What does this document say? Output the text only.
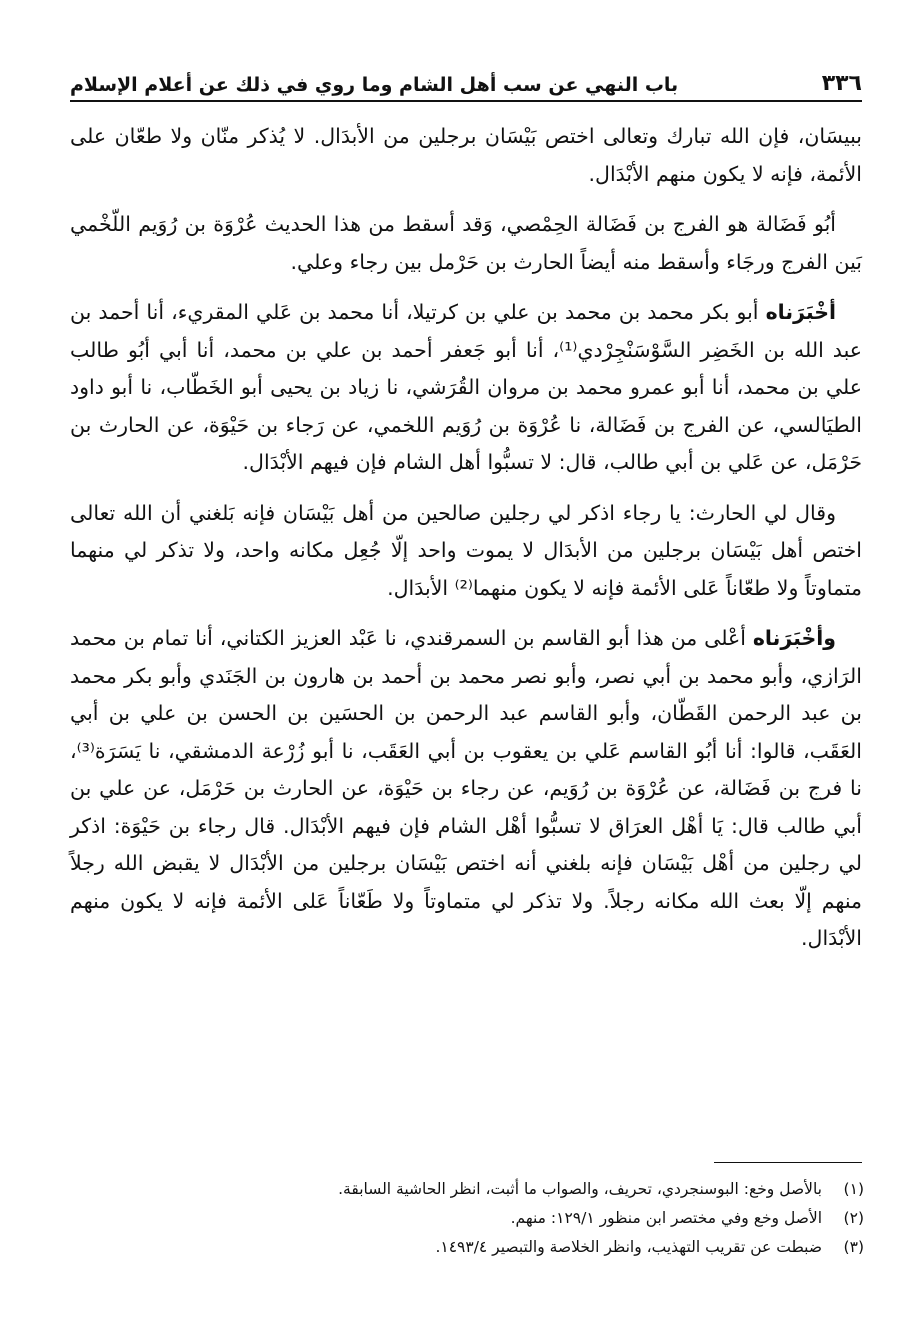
٣٣٦
باب النهي عن سب أهل الشام وما روي في ذلك عن أعلام الإسلام

ببيسَان، فإن الله تبارك وتعالى اختص بَيْسَان برجلين من الأبدَال. لا يُذكر منّان ولا طعّان على الأئمة، فإنه لا يكون منهم الأبْدَال.

أبُو فَضَالة هو الفرج بن فَضَالة الحِمْصي، وَقد أسقط من هذا الحديث عُرْوَة بن رُوَيم اللّخْمي بَين الفرج ورجَاء وأسقط منه أيضاً الحارث بن حَرْمل بين رجاء وعلي.

أخْبَرَناه أبو بكر محمد بن محمد بن علي بن كرتيلا، أنا محمد بن عَلي المقريء، أنا أحمد بن عبد الله بن الخَضِر السَّوْسَنْجِرْدي⁽¹⁾، أنا أبو جَعفر أحمد بن علي بن محمد، أنا أبي أبُو طالب علي بن محمد، أنا أبو عمرو محمد بن مروان القُرَشي، نا زياد بن يحيى أبو الخَطّاب، نا أبو داود الطيَالسي، عن الفرج بن فَضَالة، نا عُرْوَة بن رُوَيم اللخمي، عن رَجاء بن حَيْوَة، عن الحارث بن حَرْمَل، عن عَلي بن أبي طالب، قال: لا تسبُّوا أهل الشام فإن فيهم الأبْدَال.

وقال لي الحارث: يا رجاء اذكر لي رجلين صالحين من أهل بَيْسَان فإنه بَلغني أن الله تعالى اختص أهل بَيْسَان برجلين من الأبدَال لا يموت واحد إلّا جُعِل مكانه واحد، ولا تذكر لي منهما متماوتاً ولا طعّاناً عَلى الأئمة فإنه لا يكون منهما⁽²⁾ الأبدَال.

وأخْبَرَناه أعْلى من هذا أبو القاسم بن السمرقندي، نا عَبْد العزيز الكتاني، أنا تمام بن محمد الرَازي، وأبو محمد بن أبي نصر، وأبو نصر محمد بن أحمد بن هارون بن الجَنَدي وأبو بكر محمد بن عبد الرحمن القَطّان، وأبو القاسم عبد الرحمن بن الحسَين بن الحسن بن علي بن أبي العَقَب، قالوا: أنا أبُو القاسم عَلي بن يعقوب بن أبي العَقَب، نا أبو زُرْعة الدمشقي، نا يَسَرَة⁽³⁾، نا فرج بن فَضَالة، عن عُرْوَة بن رُوَيم، عن رجاء بن حَيْوَة، عن الحارث بن حَرْمَل، عن علي بن أبي طالب قال: يَا أهْل العرَاق لا تسبُّوا أهْل الشام فإن فيهم الأبْدَال. قال رجاء بن حَيْوَة: اذكر لي رجلين من أهْل بَيْسَان فإنه بلغني أنه اختص بَيْسَان برجلين من الأبْدَال لا يقبض الله رجلاً منهم إلّا بعث الله مكانه رجلاً. ولا تذكر لي متماوتاً ولا طَعّاناً عَلى الأئمة فإنه لا يكون منهم الأبْدَال.

(١)
بالأصل وخع: البوسنجردي، تحريف، والصواب ما أثبت، انظر الحاشية السابقة.
(٢)
الأصل وخع وفي مختصر ابن منظور ١٢٩/١: منهم.
(٣)
ضبطت عن تقريب التهذيب، وانظر الخلاصة والتبصير ١٤٩٣/٤.
